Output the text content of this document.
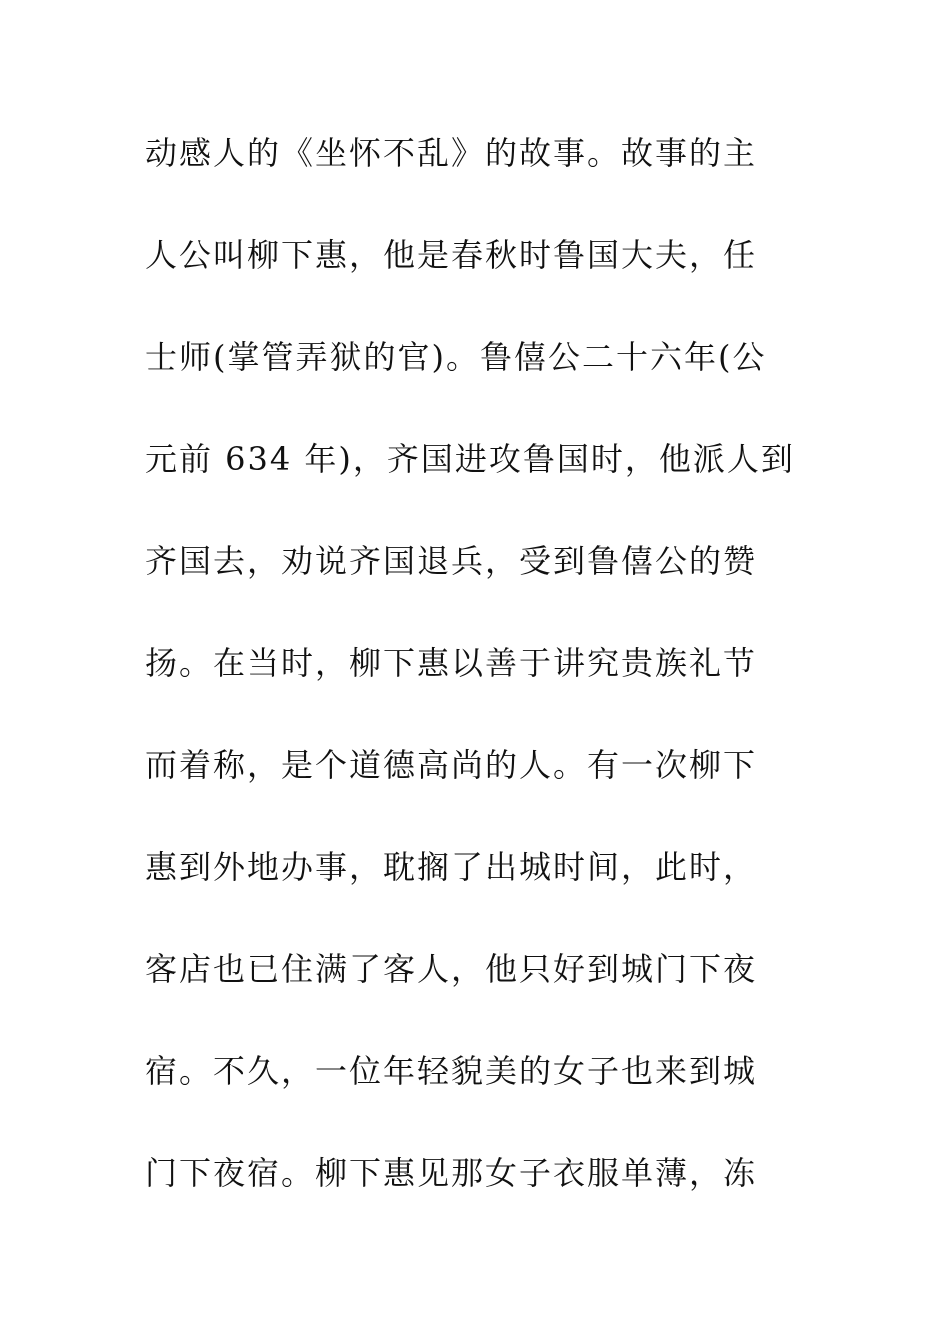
动感人的《坐怀不乱》的故事。故事的主
人公叫柳下惠，他是春秋时鲁国大夫，任
士师(掌管弄狱的官)。鲁僖公二十六年(公
元前 634 年)，齐国进攻鲁国时，他派人到
齐国去，劝说齐国退兵，受到鲁僖公的赞
扬。在当时，柳下惠以善于讲究贵族礼节
而着称，是个道德高尚的人。有一次柳下
惠到外地办事，耽搁了出城时间，此时，
客店也已住满了客人，他只好到城门下夜
宿。不久，一位年轻貌美的女子也来到城
门下夜宿。柳下惠见那女子衣服单薄，冻
